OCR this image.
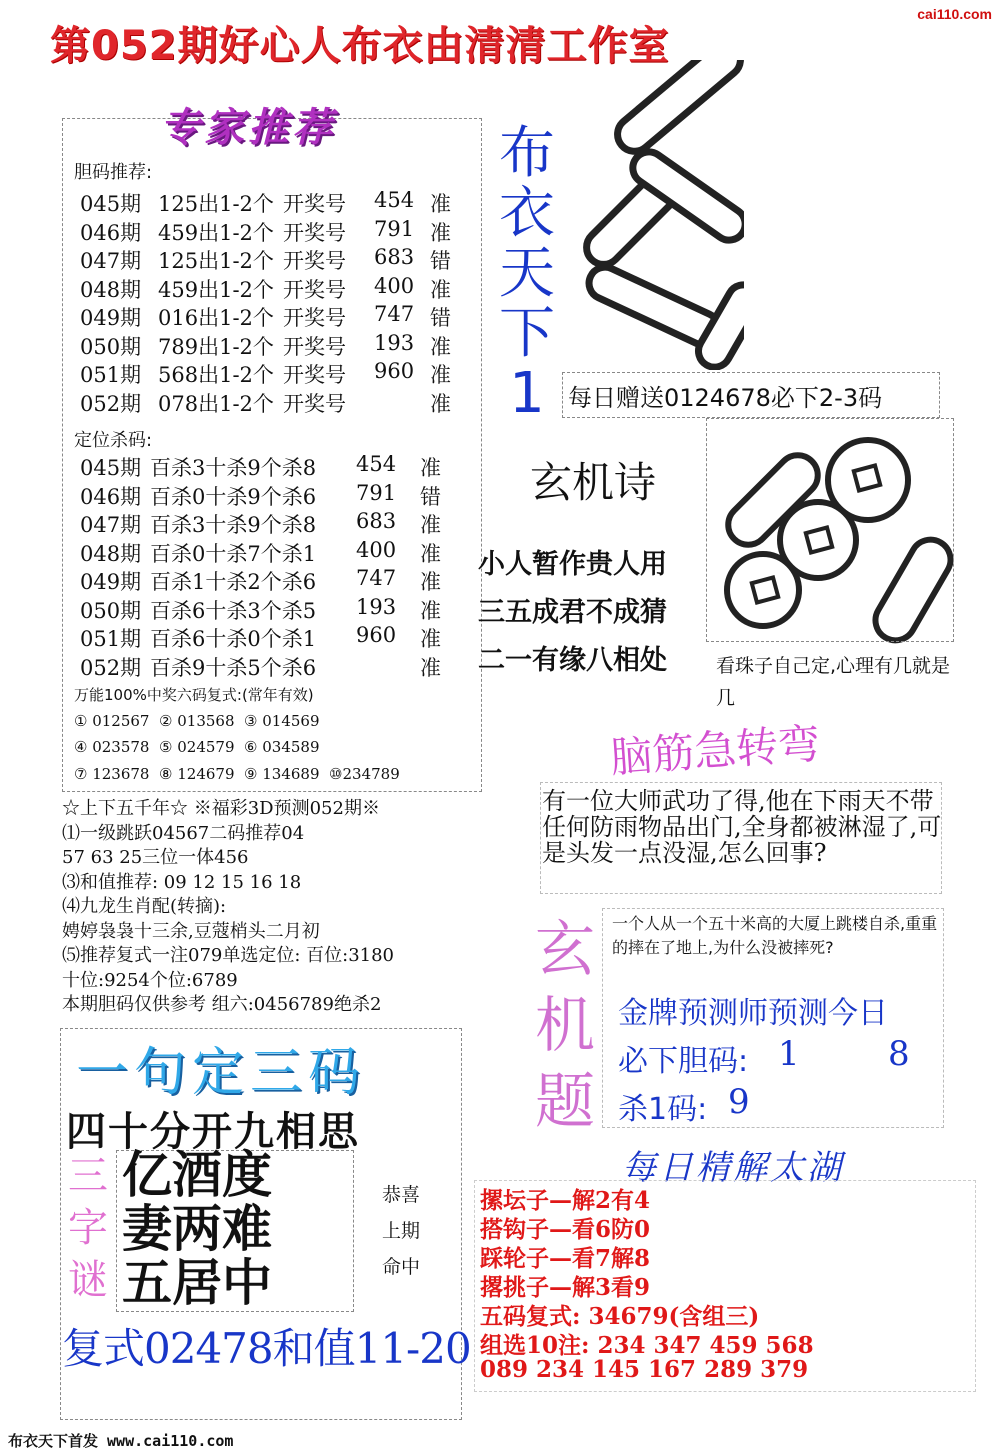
cai110.com
第052期好心人布衣由清清工作室
专家推荐
胆码推荐:
045期 125出1-2个 开奖号 454 准
046期 459出1-2个 开奖号 791 准
047期 125出1-2个 开奖号 683 错
048期 459出1-2个 开奖号 400 准
049期 016出1-2个 开奖号 747 错
050期 789出1-2个 开奖号 193 准
051期 568出1-2个 开奖号 960 准
052期 078出1-2个 开奖号	准
定位杀码:
045期 百杀3十杀9个杀8 454 准
046期 百杀0十杀9个杀6 791 错
047期 百杀3十杀9个杀8 683 准
048期 百杀0十杀7个杀1 400 准
049期 百杀1十杀2个杀6 747 准
050期 百杀6十杀3个杀5 193 准
051期 百杀6十杀0个杀1 960 准
052期 百杀9十杀5个杀6	准
万能100%中奖六码复式:(常年有效)
① 012567  ② 013568  ③ 014569
④ 023578  ⑤ 024579  ⑥ 034589
⑦ 123678  ⑧ 124679  ⑨ 134689  ⑩234789
☆上下五千年☆ ※福彩3D预测052期※
⑴一级跳跃04567二码推荐04
57 63 25三位一体456
⑶和值推荐: 09 12 15 16 18
⑷九龙生肖配(转摘):
娉婷袅袅十三余,豆蔻梢头二月初
⑸推荐复式一注079单选定位: 百位:3180
十位:9254个位:6789
本期胆码仅供参考 组六:0456789绝杀2
布
衣
天
下
1 每日赠送0124678必下2-3码
玄机诗
小人暂作贵人用
三五成君不成猜
二一有缘八相处	看珠子自己定,心理有几就是几
脑筋急转弯
有一位大师武功了得,他在下雨天不带任何防雨物品出门,全身都被淋湿了,可是头发一点没湿,怎么回事?
玄
机
题
一个人从一个五十米高的大厦上跳楼自杀,重重的摔在了地上,为什么没被摔死?
金牌预测师预测今日
必下胆码: 1	8
杀1码: 9
一句定三码
四十分开九相思
三
字
谜
亿酒度
妻两难
五居中
恭喜
上期
命中
复式02478和值11-20
每日精解太湖
摞坛子—解2有4
搭钩子—看6防0
踩轮子—看7解8
撂挑子—解3看9
五码复式: 34679(含组三)
组选10注: 234 347 459 568
089 234 145 167 289 379
布衣天下首发 www.cai110.com
